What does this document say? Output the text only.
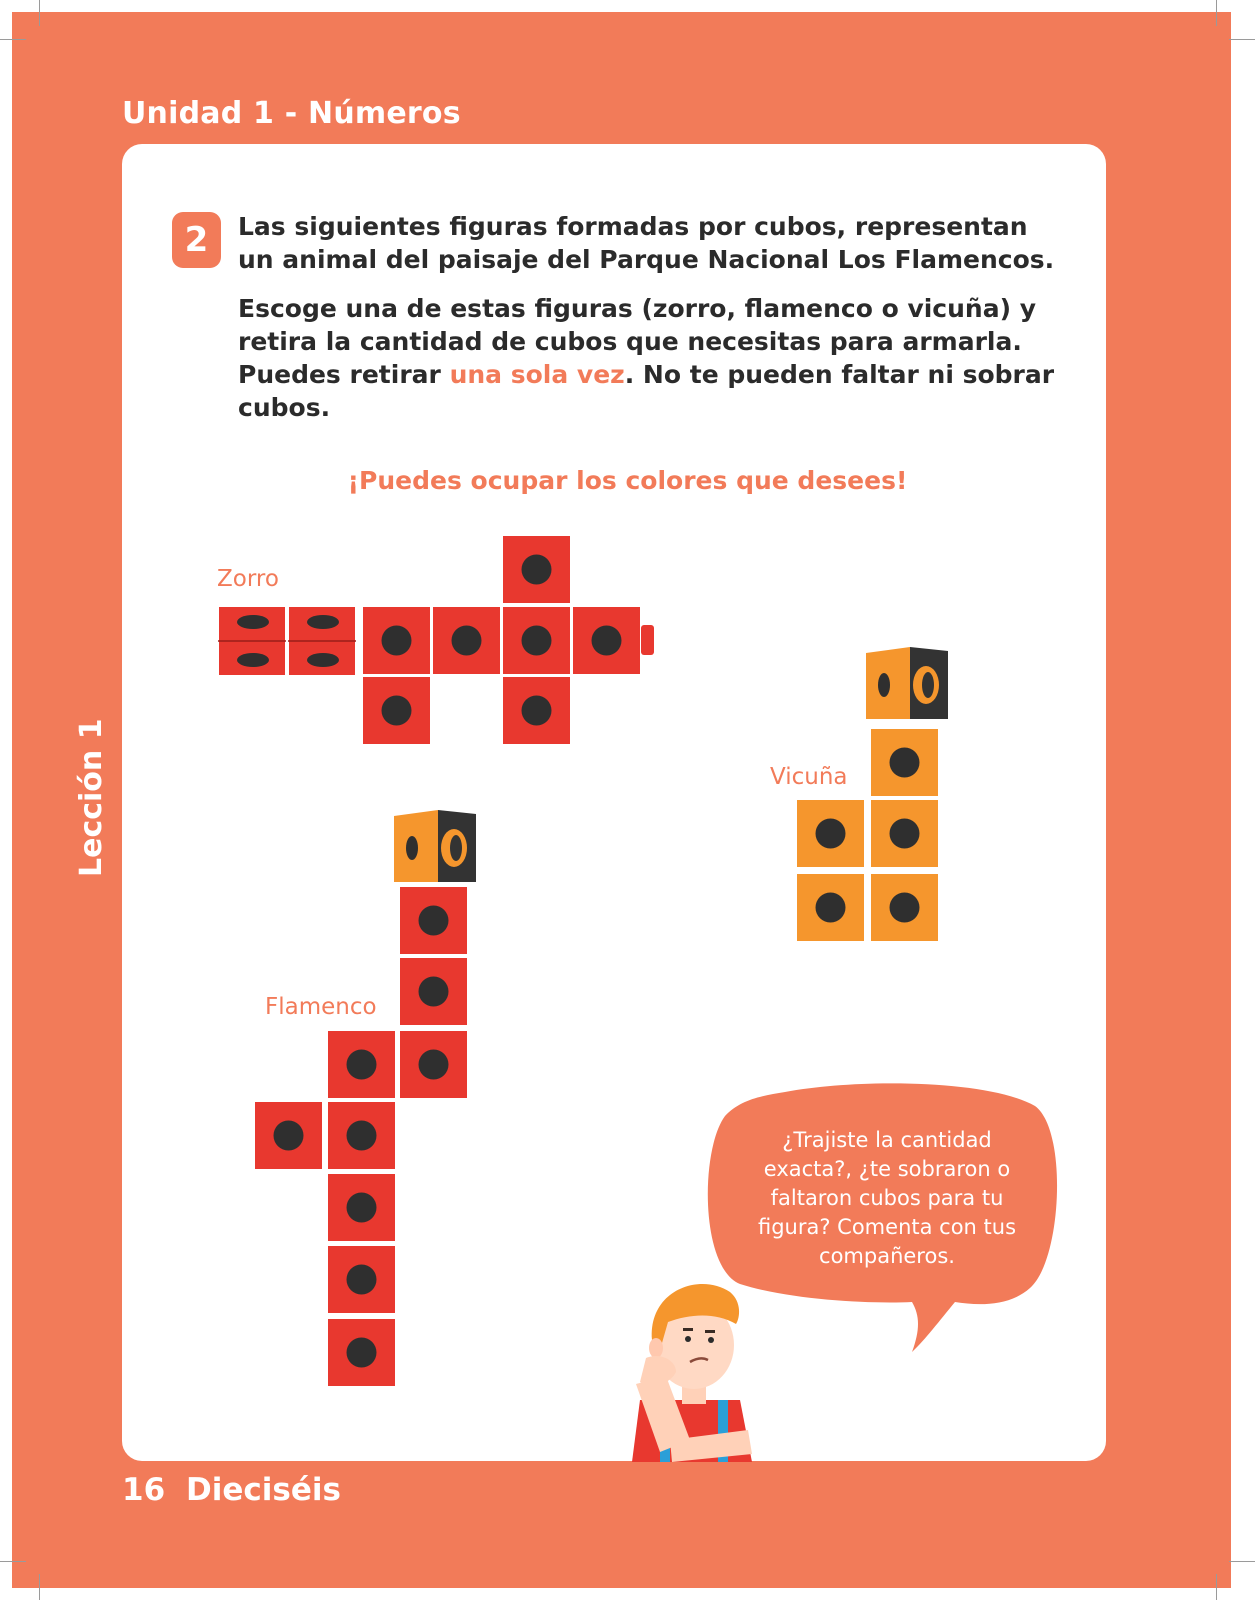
Unidad 1 - Números
Lección 1
2	Las siguientes figuras formadas por cubos, representan un animal del paisaje del Parque Nacional Los Flamencos.

Escoge una de estas figuras (zorro, flamenco o vicuña) y retira la cantidad de cubos que necesitas para armarla. Puedes retirar una sola vez. No te pueden faltar ni sobrar cubos.

¡Puedes ocupar los colores que desees!
Zorro
Vicuña
Flamenco
¿Trajiste la cantidad exacta?, ¿te sobraron o faltaron cubos para tu figura? Comenta con tus compañeros.
16 Dieciséis
